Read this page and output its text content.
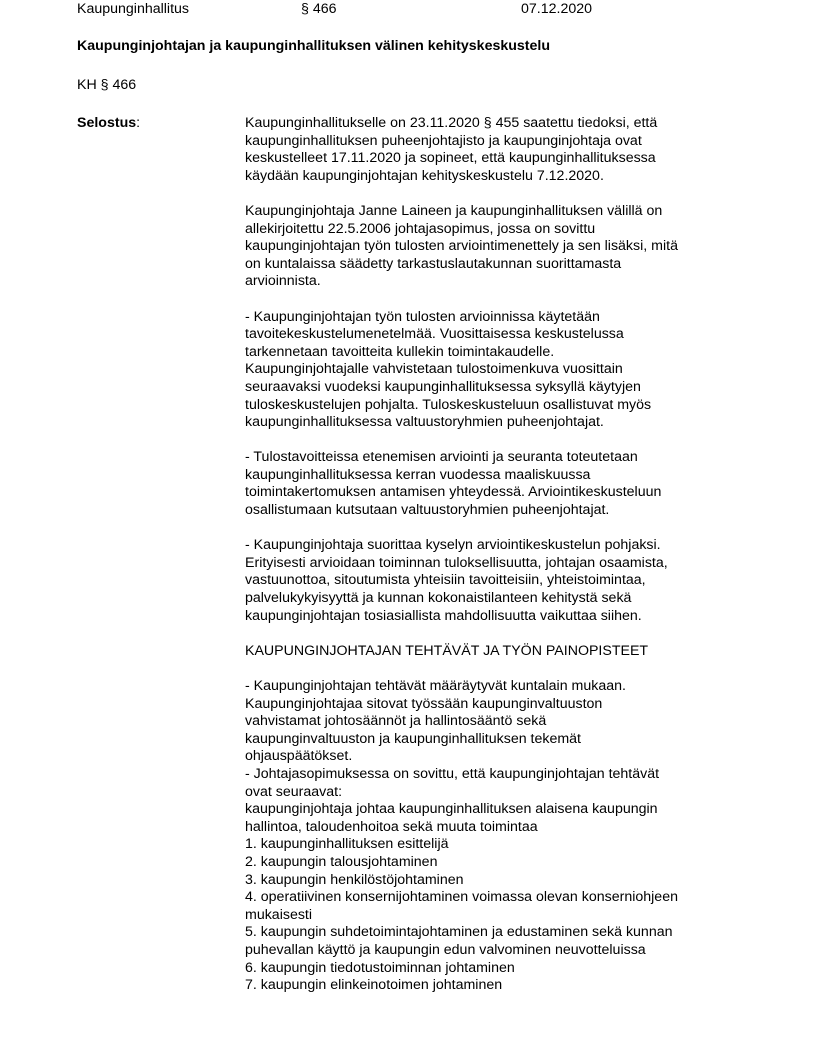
Kaupunginhallitus	§ 466	07.12.2020
Kaupunginjohtajan ja kaupunginhallituksen välinen kehityskeskustelu
KH § 466
Selostus:	Kaupunginhallitukselle on 23.11.2020 § 455 saatettu tiedoksi, että
kaupunginhallituksen puheenjohtajisto ja kaupunginjohtaja ovat
keskustelleet 17.11.2020 ja sopineet, että kaupunginhallituksessa
käydään kaupunginjohtajan kehityskeskustelu 7.12.2020.
Kaupunginjohtaja Janne Laineen ja kaupunginhallituksen välillä on
allekirjoitettu 22.5.2006 johtajasopimus, jossa on sovittu
kaupunginjohtajan työn tulosten arviointimenettely ja sen lisäksi, mitä
on kuntalaissa säädetty tarkastuslautakunnan suorittamasta
arvioinnista.
- Kaupunginjohtajan työn tulosten arvioinnissa käytetään
tavoitekeskustelumenetelmää. Vuosittaisessa keskustelussa
tarkennetaan tavoitteita kullekin toimintakaudelle.
Kaupunginjohtajalle vahvistetaan tulostoimenkuva vuosittain
seuraavaksi vuodeksi kaupunginhallituksessa syksyllä käytyjen
tuloskeskustelujen pohjalta. Tuloskeskusteluun osallistuvat myös
kaupunginhallituksessa valtuustoryhmien puheenjohtajat.
- Tulostavoitteissa etenemisen arviointi ja seuranta toteutetaan
kaupunginhallituksessa kerran vuodessa maaliskuussa
toimintakertomuksen antamisen yhteydessä. Arviointikeskusteluun
osallistumaan kutsutaan valtuustoryhmien puheenjohtajat.
- Kaupunginjohtaja suorittaa kyselyn arviointikeskustelun pohjaksi.
Erityisesti arvioidaan toiminnan tuloksellisuutta, johtajan osaamista,
vastuunottoa, sitoutumista yhteisiin tavoitteisiin, yhteistoimintaa,
palvelukykyisyyttä ja kunnan kokonaistilanteen kehitystä sekä
kaupunginjohtajan tosiasiallista mahdollisuutta vaikuttaa siihen.
KAUPUNGINJOHTAJAN TEHTÄVÄT JA TYÖN PAINOPISTEET
- Kaupunginjohtajan tehtävät määräytyvät kuntalain mukaan.
Kaupunginjohtajaa sitovat työssään kaupunginvaltuuston
vahvistamat johtosäännöt ja hallintosääntö sekä
kaupunginvaltuuston ja kaupunginhallituksen tekemät
ohjauspäätökset.
- Johtajasopimuksessa on sovittu, että kaupunginjohtajan tehtävät
ovat seuraavat:
kaupunginjohtaja johtaa kaupunginhallituksen alaisena kaupungin
hallintoa, taloudenhoitoa sekä muuta toimintaa
1. kaupunginhallituksen esittelijä
2. kaupungin talousjohtaminen
3. kaupungin henkilöstöjohtaminen
4. operatiivinen konsernijohtaminen voimassa olevan konserniohjeen
mukaisesti
5. kaupungin suhdetoimintajohtaminen ja edustaminen sekä kunnan
puhevallan käyttö ja kaupungin edun valvominen neuvotteluissa
6. kaupungin tiedotustoiminnan johtaminen
7. kaupungin elinkeinotoimen johtaminen
